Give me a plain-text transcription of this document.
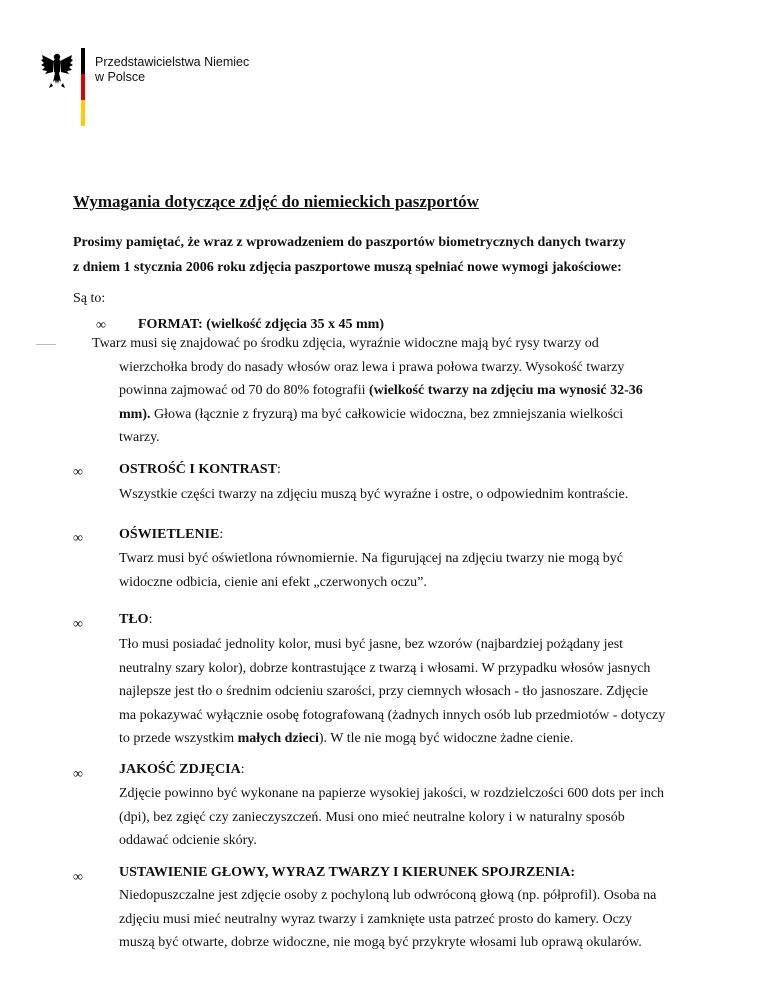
Przedstawicielstwa Niemiec
w Polsce
Wymagania dotyczące zdjęć do niemieckich paszportów
Prosimy pamiętać, że wraz z wprowadzeniem do paszportów biometrycznych danych twarzy
z dniem 1 stycznia 2006 roku zdjęcia paszportowe muszą spełniać nowe wymogi jakościowe:
Są to:
∞ FORMAT: (wielkość zdjęcia 35 x 45 mm)
Twarz musi się znajdować po środku zdjęcia, wyraźnie widoczne mają być rysy twarzy od
wierzchołka brody do nasady włosów oraz lewa i prawa połowa twarzy. Wysokość twarzy
powinna zajmować od 70 do 80% fotografii (wielkość twarzy na zdjęciu ma wynosić 32-36
mm). Głowa (łącznie z fryzurą) ma być całkowicie widoczna, bez zmniejszania wielkości
twarzy.
∞	OSTROŚĆ I KONTRAST:
Wszystkie części twarzy na zdjęciu muszą być wyraźne i ostre, o odpowiednim kontraście.
∞	OŚWIETLENIE:
Twarz musi być oświetlona równomiernie. Na figurującej na zdjęciu twarzy nie mogą być
widoczne odbicia, cienie ani efekt „czerwonych oczu”.
∞	TŁO:
Tło musi posiadać jednolity kolor, musi być jasne, bez wzorów (najbardziej pożądany jest
neutralny szary kolor), dobrze kontrastujące z twarzą i włosami. W przypadku włosów jasnych
najlepsze jest tło o średnim odcieniu szarości, przy ciemnych włosach - tło jasnoszare. Zdjęcie
ma pokazywać wyłącznie osobę fotografowaną (żadnych innych osób lub przedmiotów - dotyczy
to przede wszystkim małych dzieci). W tle nie mogą być widoczne żadne cienie.
∞	JAKOŚĆ ZDJĘCIA:
Zdjęcie powinno być wykonane na papierze wysokiej jakości, w rozdzielczości 600 dots per inch
(dpi), bez zgięć czy zanieczyszczeń. Musi ono mieć neutralne kolory i w naturalny sposób
oddawać odcienie skóry.
∞	USTAWIENIE GŁOWY, WYRAZ TWARZY I KIERUNEK SPOJRZENIA:
Niedopuszczalne jest zdjęcie osoby z pochyloną lub odwróconą głową (np. półprofil). Osoba na
zdjęciu musi mieć neutralny wyraz twarzy i zamknięte usta patrzeć prosto do kamery. Oczy
muszą być otwarte, dobrze widoczne, nie mogą być przykryte włosami lub oprawą okularów.
